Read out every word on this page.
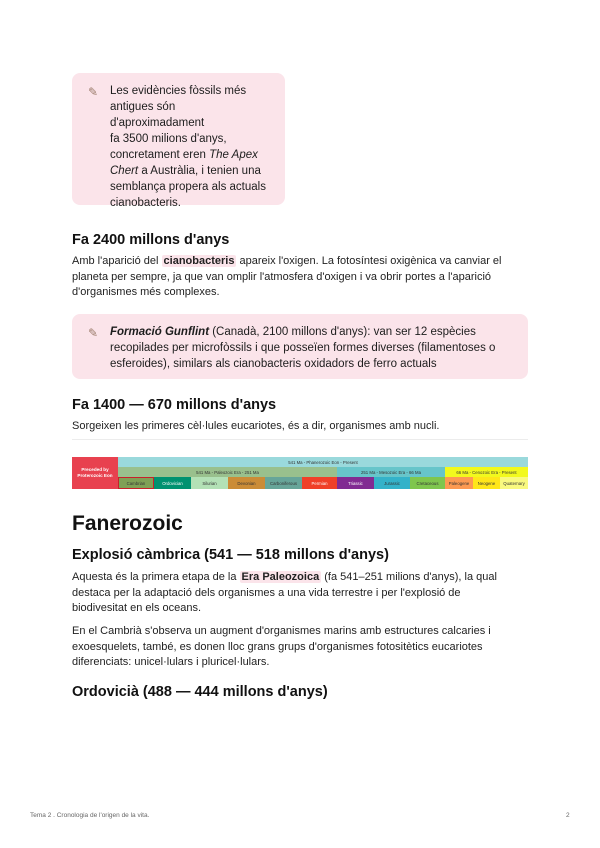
✎ Les evidències fòssils més

antigues són d'aproximadament

fa 3500 milions d'anys,

concretament eren The Apex

Chert a Austràlia, i tenien una

semblança propera als actuals

cianobacteris.

Fa 2400 millons d'anys
Amb l'aparició del cianobacteris apareix l'oxigen. La fotosíntesi oxigènica va canviar el
planeta per sempre, ja que van omplir l'atmosfera d'oxigen i va obrir portes a l'aparició
d'organismes més complexes.
✎ Formació Gunflint (Canadà, 2100 millons d'anys): van ser 12 espècies

recopilades per microfòssils i que posseïen formes diverses (filamentoses o

esferoides), similars als cianobacteris oxidadors de ferro actuals

Fa 1400 — 670 millons d'anys
Sorgeixen les primeres cèl·lules eucariotes, és a dir, organismes amb nucli.
Preceded by
Proterozoic Eon
541 Ma - Phanerozoic Eon - Present
541 Ma - Paleozoic Era - 251 Ma	251 Ma - Mesozoic Era - 66 Ma	66 Ma - Cenozoic Era - Present
Cambrian	Ordovician	Silurian	Devonian	Carboniferous	Permian	Triassic	Jurassic	Cretaceous	Paleogene	Neogene	Quaternary
Fanerozoic
Explosió càmbrica (541 — 518 millons d'anys)
Aquesta és la primera etapa de la Era Paleozoica (fa 541–251 milions d'anys), la qual
destaca per la adaptació dels organismes a una vida terrestre i per l'explosió de
biodivesitat en els oceans.
En el Cambrià s'observa un augment d'organismes marins amb estructures calcaries i
exoesquelets, també, es donen lloc grans grups d'organismes fotositètics eucariotes
diferenciats: unicel·lulars i pluricel·lulars.
Ordovicià (488 — 444 millons d'anys)
Tema 2 . Cronologia de l'origen de la vita.	2
